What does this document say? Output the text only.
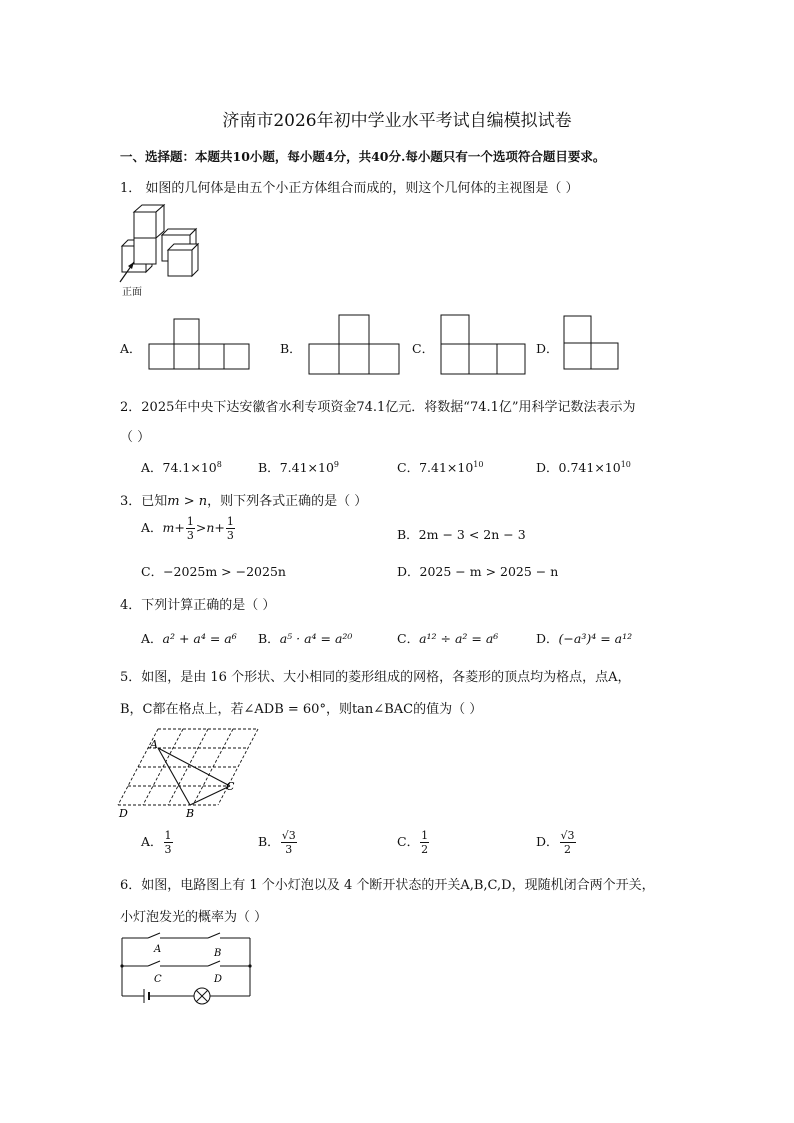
济南市2026年初中学业水平考试自编模拟试卷
一、选择题：本题共10小题，每小题4分，共40分.每小题只有一个选项符合题目要求。
1． 如图的几何体是由五个小正方体组合而成的，则这个几何体的主视图是（ ）
正面
A．	B．	C．	D．
2．2025年中央下达安徽省水利专项资金74.1亿元．将数据“74.1亿”用科学记数法表示为
（ ）
A．$74.1\times 10^8$	B．$7.41\times 10^9$	C．$7.41\times 10^{10}$	D．$0.741\times 10^{10}$
3．已知m > n，则下列各式正确的是（ ）
A．$m+ \frac{1}{3} >n+ \frac{1}{3}$	B．2m − 3 < 2n − 3
C．−2025m > −2025n	D．2025 − m > 2025 − n
4．下列计算正确的是（ ）
A．a² + a⁴ = a⁶ B．a⁵ · a⁴ = a²⁰	C．a¹² ÷ a² = a⁶	D．(−a³)⁴ = a¹²
5．如图，是由 16 个形状、大小相同的菱形组成的网格，各菱形的顶点均为格点，点A，
B，C都在格点上，若∠ADB = 60°，则tan∠BAC的值为（ ）
A
B
C
D
A． $\frac{1}{3}$	B． $\frac{√3}{3}$	C． $\frac{1}{2}$	D． $\frac{√3}{2}$
6．如图，电路图上有 1 个小灯泡以及 4 个断开状态的开关A,B,C,D，现随机闭合两个开关，
小灯泡发光的概率为（ ）
A	B
C	D
